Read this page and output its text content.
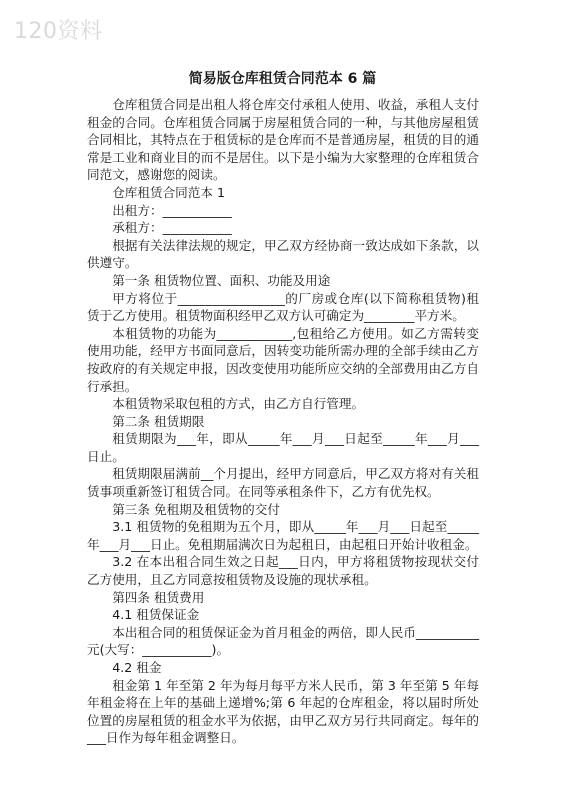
120资料
简易版仓库租赁合同范本 6 篇

仓库租赁合同是出租人将仓库交付承租人使用、收益，承租人支付租金的合同。仓库租赁合同属于房屋租赁合同的一种，与其他房屋租赁合同相比，其特点在于租赁标的是仓库而不是普通房屋，租赁的目的通常是工业和商业目的而不是居住。以下是小编为大家整理的仓库租赁合同范文，感谢您的阅读。

仓库租赁合同范本 1

出租方：___________

承租方：___________

根据有关法律法规的规定，甲乙双方经协商一致达成如下条款，以供遵守。

第一条 租赁物位置、面积、功能及用途

甲方将位于_________________的厂房或仓库(以下简称租赁物)租赁于乙方使用。租赁物面积经甲乙双方认可确定为________平方米。

本租赁物的功能为____________,包租给乙方使用。如乙方需转变使用功能，经甲方书面同意后，因转变功能所需办理的全部手续由乙方按政府的有关规定申报，因改变使用功能所应交纳的全部费用由乙方自行承担。

本租赁物采取包租的方式，由乙方自行管理。

第二条 租赁期限

租赁期限为___年，即从_____年___月___日起至_____年___月___日止。

租赁期限届满前__个月提出，经甲方同意后，甲乙双方将对有关租赁事项重新签订租赁合同。在同等承租条件下，乙方有优先权。

第三条 免租期及租赁物的交付

3.1 租赁物的免租期为五个月，即从_____年___月___日起至_____年___月___日止。免租期届满次日为起租日，由起租日开始计收租金。

3.2 在本出租合同生效之日起___日内，甲方将租赁物按现状交付乙方使用，且乙方同意按租赁物及设施的现状承租。

第四条 租赁费用

4.1 租赁保证金

本出租合同的租赁保证金为首月租金的两倍，即人民币__________元(大写：___________)。

4.2 租金

租金第 1 年至第 2 年为每月每平方米人民币，第 3 年至第 5 年每年租金将在上年的基础上递增%;第 6 年起的仓库租金，将以届时所处位置的房屋租赁的租金水平为依据，由甲乙双方另行共同商定。每年的___日作为每年租金调整日。
